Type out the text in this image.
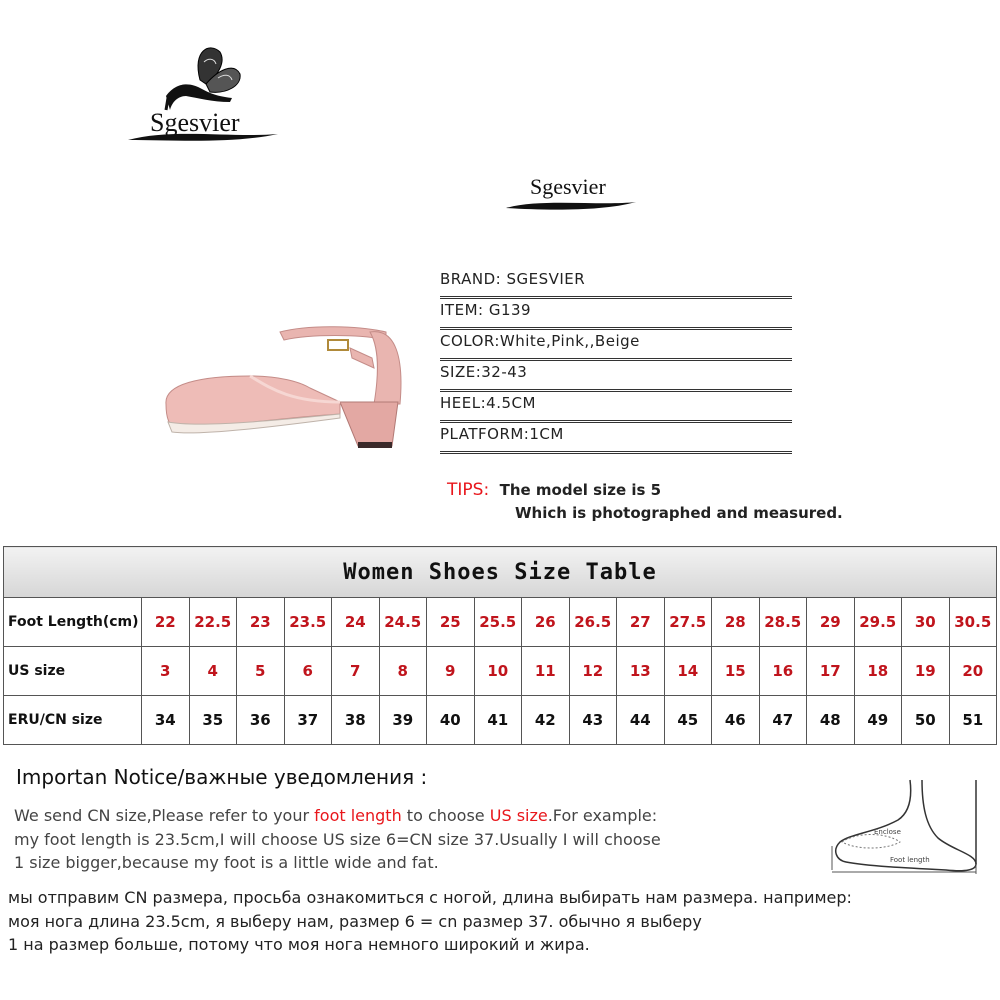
Sgesvier
Sgesvier
BRAND: SGESVIER
ITEM: G139
COLOR:White,Pink,,Beige
SIZE:32-43
HEEL:4.5CM
PLATFORM:1CM
TIPS: The model size is 5
Which is photographed and measured.
Women Shoes Size Table																		
Foot Length(cm)	22	22.5	23	23.5	24	24.5	25	25.5	26	26.5	27	27.5	28	28.5	29	29.5	30	30.5
US size	3	4	5	6	7	8	9	10	11	12	13	14	15	16	17	18	19	20
ERU/CN size	34	35	36	37	38	39	40	41	42	43	44	45	46	47	48	49	50	51
Importan Notice/важные уведомления :
We send CN size,Please refer to your foot length to choose US size.For example:
my foot length is 23.5cm,I will choose US size 6=CN size 37.Usually I will choose
1 size bigger,because my foot is a little wide and fat.
мы отправим CN размера, просьба ознакомиться с ногой, длина выбирать нам размера. например:
моя нога длина 23.5cm, я выберу нам, размер 6 = cn размер 37. обычно я выберу
1 на размер больше, потому что моя нога немного широкий и жира.
Enclose
Foot length
